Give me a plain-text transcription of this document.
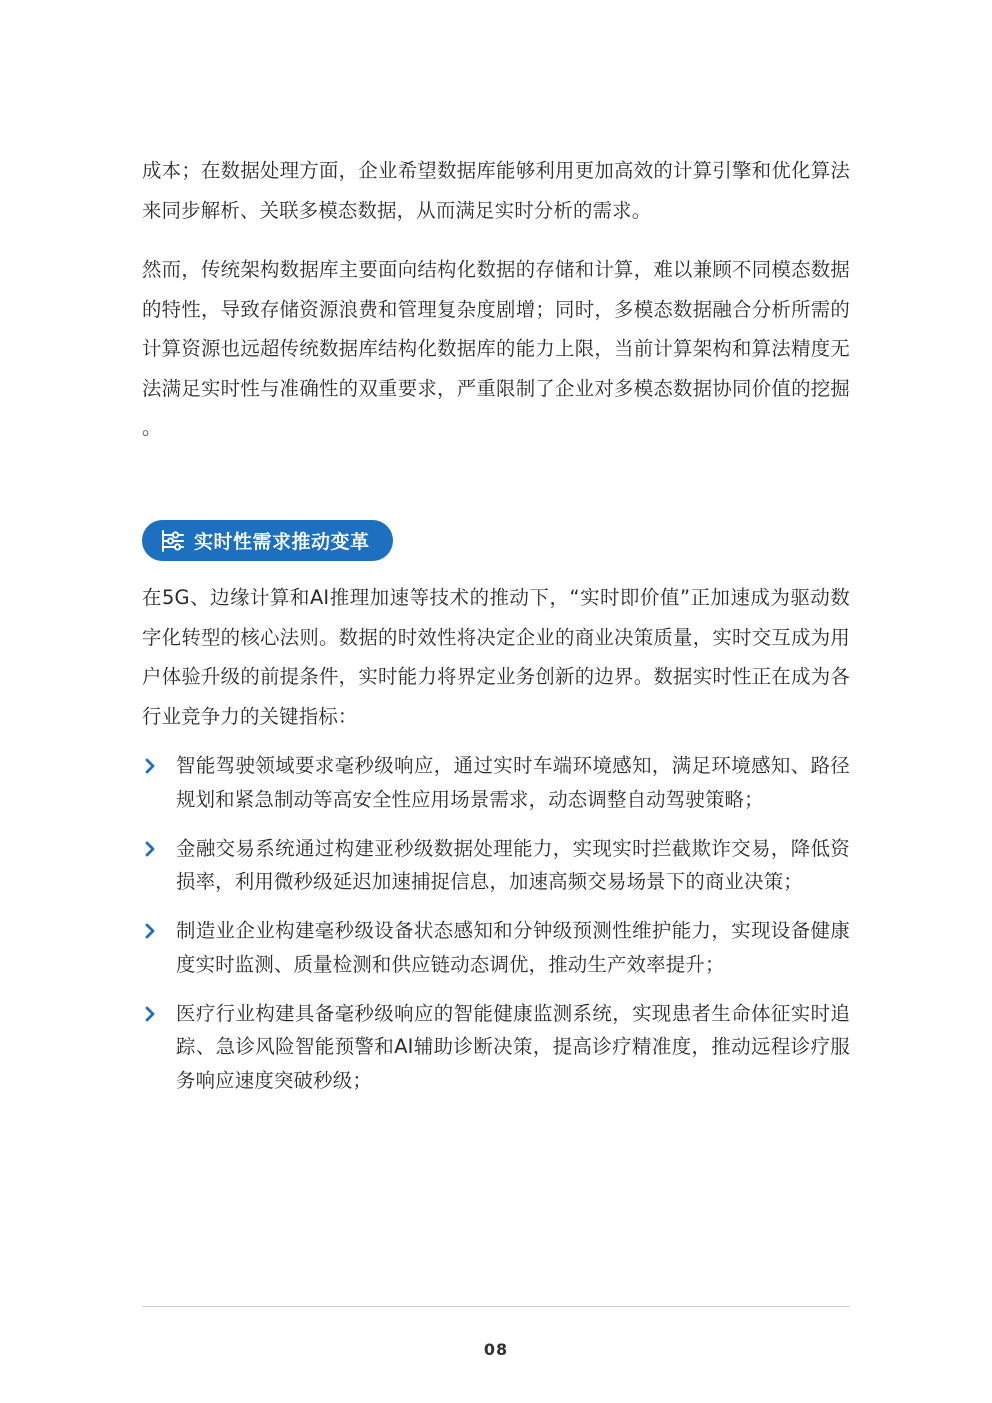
成本；在数据处理方面，企业希望数据库能够利用更加高效的计算引擎和优化算法来同步解析、关联多模态数据，从而满足实时分析的需求。

然而，传统架构数据库主要面向结构化数据的存储和计算，难以兼顾不同模态数据的特性，导致存储资源浪费和管理复杂度剧增；同时，多模态数据融合分析所需的计算资源也远超传统数据库结构化数据库的能力上限，当前计算架构和算法精度无法满足实时性与准确性的双重要求，严重限制了企业对多模态数据协同价值的挖掘 。

实时性需求推动变革

在5G、边缘计算和AI推理加速等技术的推动下，“实时即价值”正加速成为驱动数字化转型的核心法则。数据的时效性将决定企业的商业决策质量，实时交互成为用户体验升级的前提条件，实时能力将界定业务创新的边界。数据实时性正在成为各行业竞争力的关键指标：

智能驾驶领域要求毫秒级响应，通过实时车端环境感知，满足环境感知、路径规划和紧急制动等高安全性应用场景需求，动态调整自动驾驶策略；
金融交易系统通过构建亚秒级数据处理能力，实现实时拦截欺诈交易，降低资损率，利用微秒级延迟加速捕捉信息，加速高频交易场景下的商业决策；
制造业企业构建毫秒级设备状态感知和分钟级预测性维护能力，实现设备健康度实时监测、质量检测和供应链动态调优，推动生产效率提升；
医疗行业构建具备毫秒级响应的智能健康监测系统，实现患者生命体征实时追踪、急诊风险智能预警和AI辅助诊断决策，提高诊疗精准度，推动远程诊疗服务响应速度突破秒级；
08
